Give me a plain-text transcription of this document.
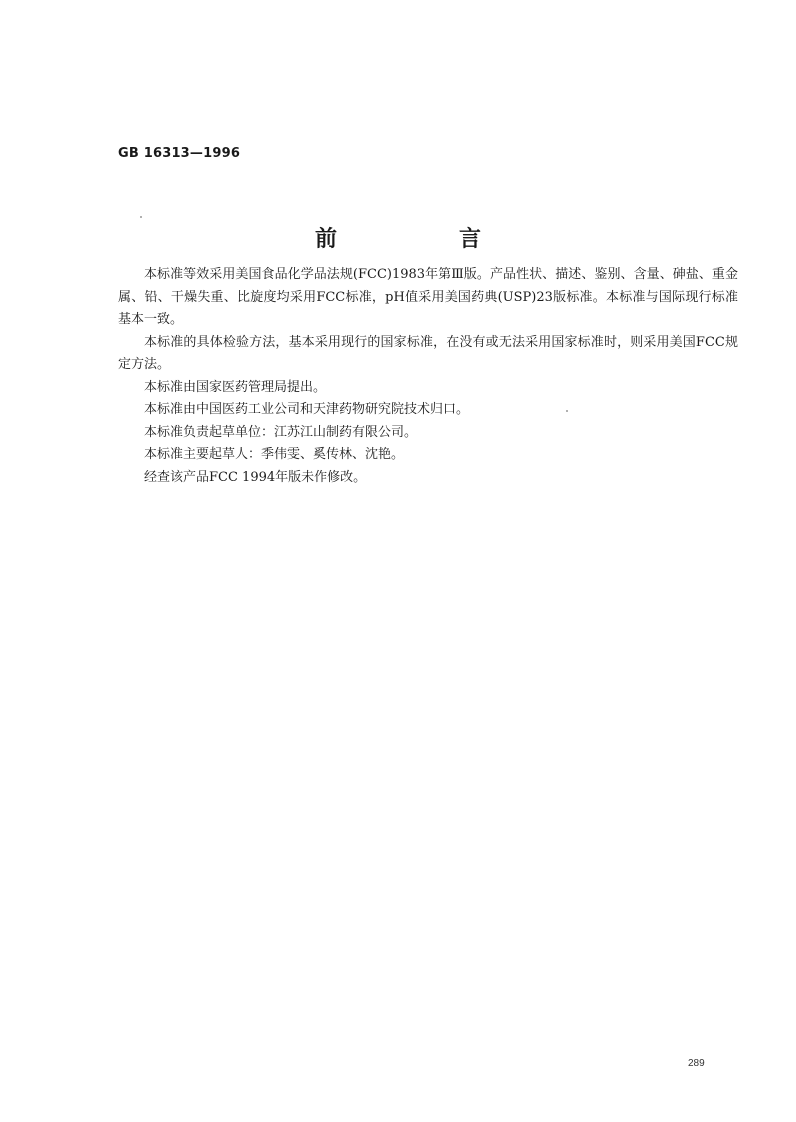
GB 16313—1996
前　言

本标准等效采用美国食品化学品法规(FCC)1983年第Ⅲ版。产品性状、描述、鉴别、含量、砷盐、重金属、铅、干燥失重、比旋度均采用FCC标准，pH值采用美国药典(USP)23版标准。本标准与国际现行标准基本一致。

本标准的具体检验方法，基本采用现行的国家标准，在没有或无法采用国家标准时，则采用美国FCC规定方法。

本标准由国家医药管理局提出。

本标准由中国医药工业公司和天津药物研究院技术归口。

本标准负责起草单位：江苏江山制药有限公司。

本标准主要起草人：季伟雯、奚传林、沈艳。

经查该产品FCC 1994年版未作修改。

289
